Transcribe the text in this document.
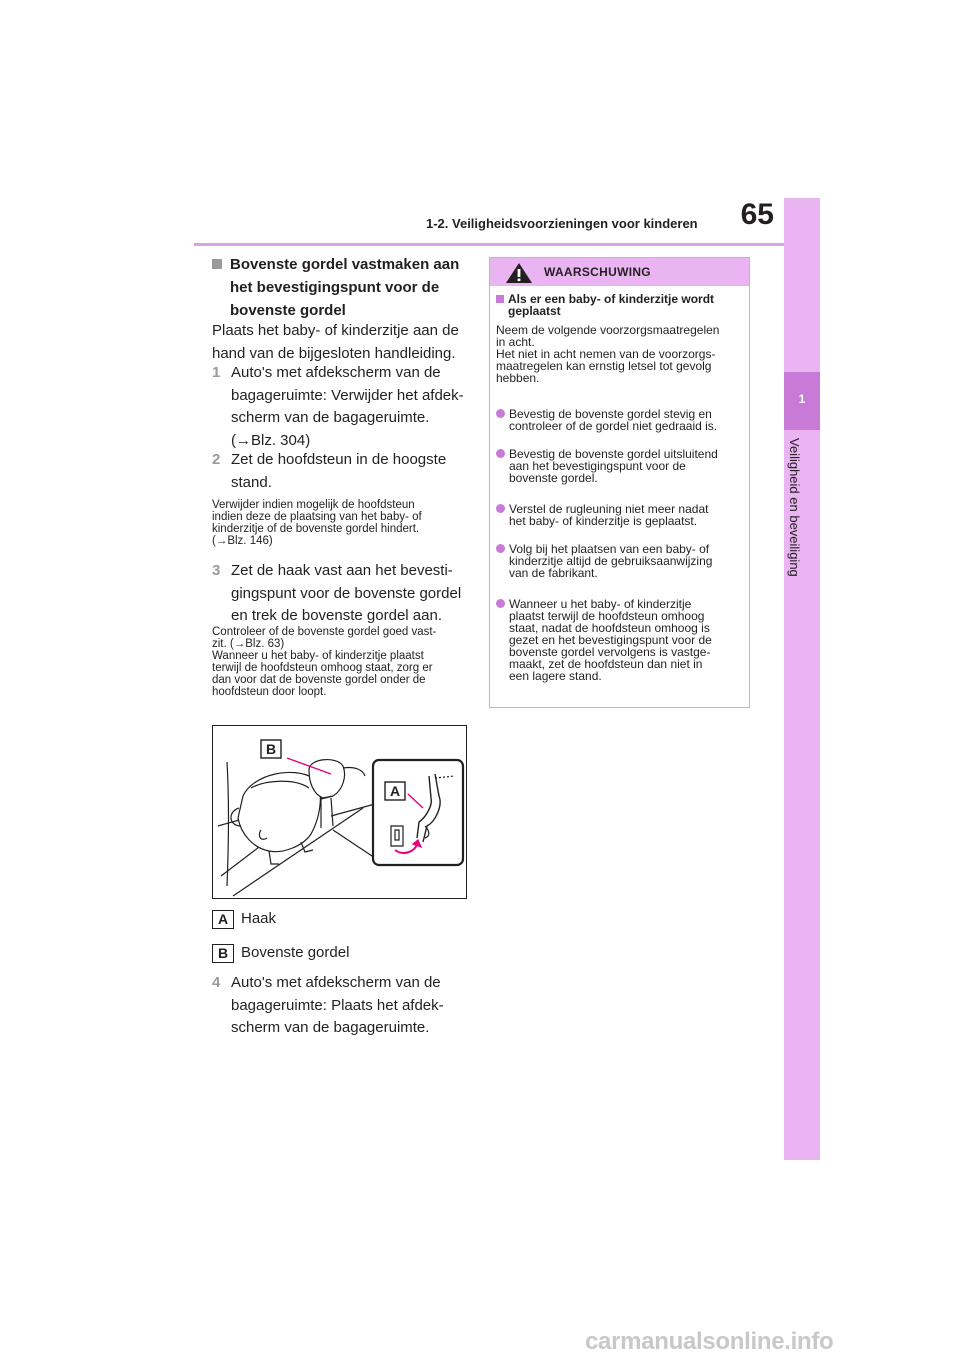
1-2. Veiligheidsvoorzieningen voor kinderen	65
1
Veiligheid en beveiliging
Bovenste gordel vastmaken aan
het bevestigingspunt voor de
bovenste gordel
Plaats het baby- of kinderzitje aan de
hand van de bijgesloten handleiding.
1 Auto's met afdekscherm van de
bagageruimte: Verwijder het afdek-
scherm van de bagageruimte.
(→Blz. 304)
2 Zet de hoofdsteun in de hoogste
stand.
Verwijder indien mogelijk de hoofdsteun
indien deze de plaatsing van het baby- of
kinderzitje of de bovenste gordel hindert.
(→Blz. 146)
3 Zet de haak vast aan het bevesti-
gingspunt voor de bovenste gordel
en trek de bovenste gordel aan.
Controleer of de bovenste gordel goed vast-
zit. (→Blz. 63)
Wanneer u het baby- of kinderzitje plaatst
terwijl de hoofdsteun omhoog staat, zorg er
dan voor dat de bovenste gordel onder de
hoofdsteun door loopt.
B
A
A Haak
B Bovenste gordel
4 Auto's met afdekscherm van de
bagageruimte: Plaats het afdek-
scherm van de bagageruimte.
WAARSCHUWING
Als er een baby- of kinderzitje wordt
geplaatst
Neem de volgende voorzorgsmaatregelen
in acht.
Het niet in acht nemen van de voorzorgs-
maatregelen kan ernstig letsel tot gevolg
hebben.
Bevestig de bovenste gordel stevig en
controleer of de gordel niet gedraaid is.
Bevestig de bovenste gordel uitsluitend
aan het bevestigingspunt voor de
bovenste gordel.
Verstel de rugleuning niet meer nadat
het baby- of kinderzitje is geplaatst.
Volg bij het plaatsen van een baby- of
kinderzitje altijd de gebruiksaanwijzing
van de fabrikant.
Wanneer u het baby- of kinderzitje
plaatst terwijl de hoofdsteun omhoog
staat, nadat de hoofdsteun omhoog is
gezet en het bevestigingspunt voor de
bovenste gordel vervolgens is vastge-
maakt, zet de hoofdsteun dan niet in
een lagere stand.
carmanualsonline.info
